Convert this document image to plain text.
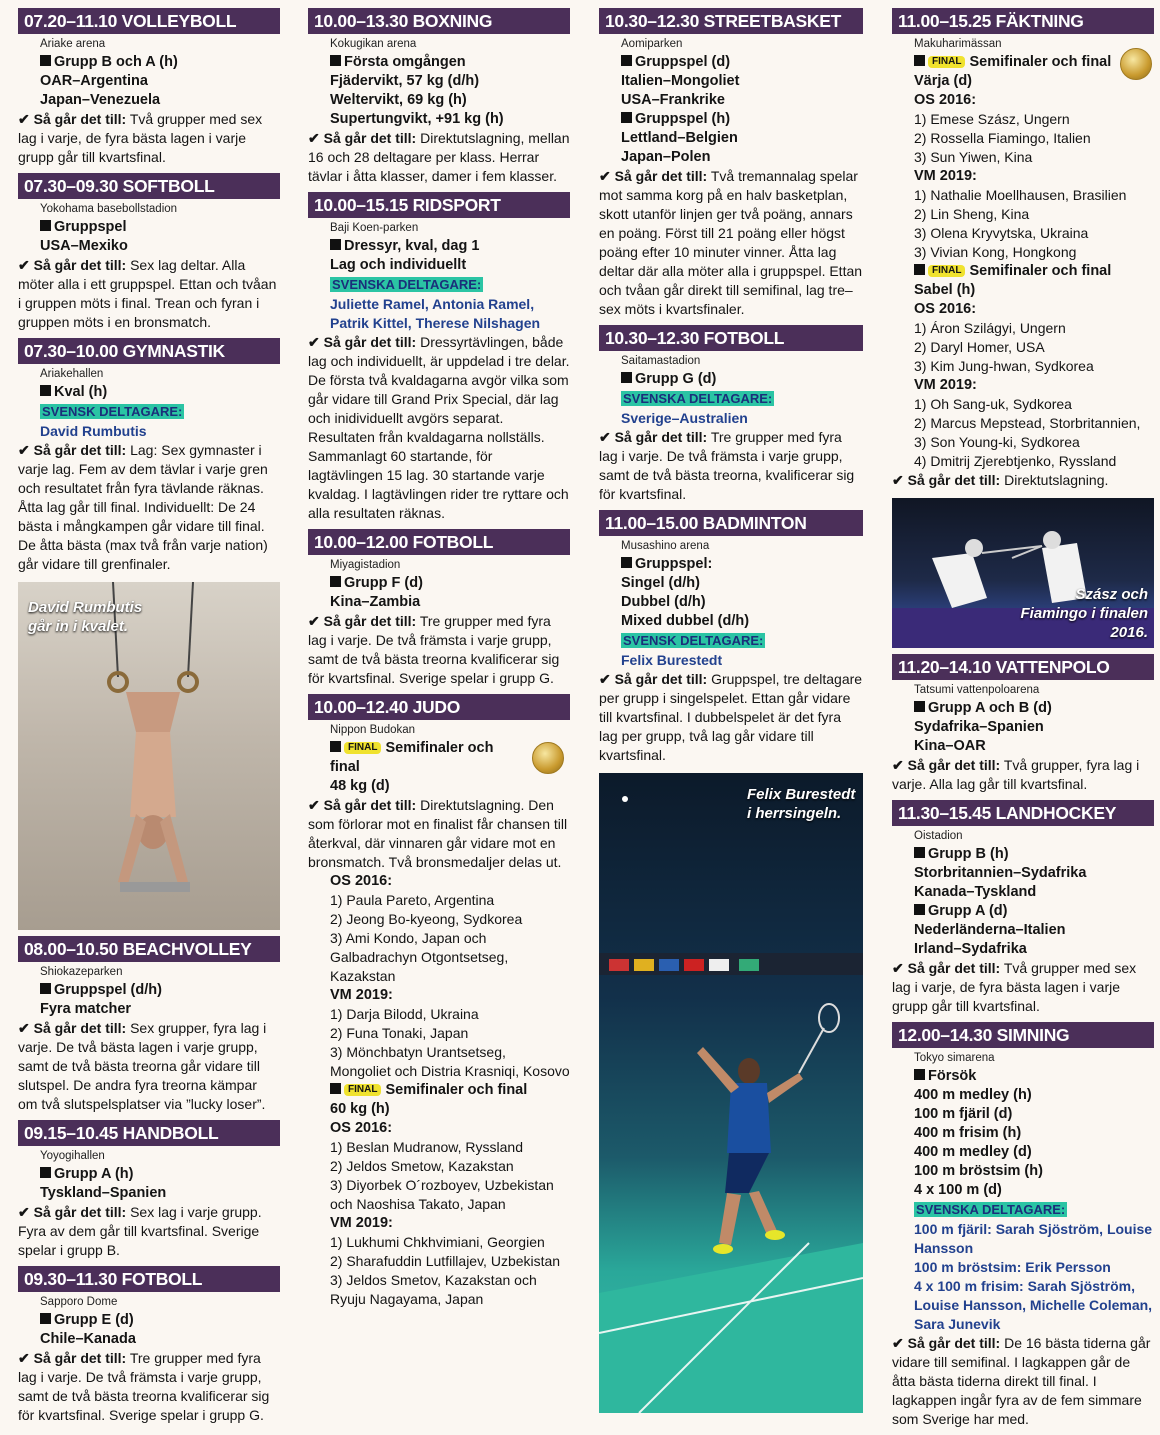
07.20–11.10 VOLLEYBOLL
Ariake arena
Grupp B och A (h)
OAR–Argentina
Japan–Venezuela
✔ Så går det till: Två grupper med sex lag i varje, de fyra bästa lagen i varje grupp går till kvartsfinal.
07.30–09.30 SOFTBOLL
Yokohama basebollstadion
Gruppspel
USA–Mexiko
✔ Så går det till: Sex lag deltar. Alla möter alla i ett gruppspel. Ettan och tvåan i gruppen möts i final. Trean och fyran i gruppen möts i en bronsmatch.
07.30–10.00 GYMNASTIK
Ariakehallen
Kval (h)
SVENSK DELTAGARE:
David Rumbutis
✔ Så går det till: Lag: Sex gymnaster i varje lag. Fem av dem tävlar i varje gren och resultatet från fyra tävlande räknas. Åtta lag går till final. Individuellt: De 24 bästa i mångkampen går vidare till final. De åtta bästa (max två från varje nation) går vidare till grenfinaler.
David Rumbutis går in i kvalet.
08.00–10.50 BEACHVOLLEY
Shiokazeparken
Gruppspel (d/h)
Fyra matcher
✔ Så går det till: Sex grupper, fyra lag i varje. De två bästa lagen i varje grupp, samt de två bästa treorna går vidare till slutspel. De andra fyra treorna kämpar om två slutspelsplatser via ”lucky loser”.
09.15–10.45 HANDBOLL
Yoyogihallen
Grupp A (h)
Tyskland–Spanien
✔ Så går det till: Sex lag i varje grupp. Fyra av dem går till kvartsfinal. Sverige spelar i grupp B.
09.30–11.30 FOTBOLL
Sapporo Dome
Grupp E (d)
Chile–Kanada
✔ Så går det till: Tre grupper med fyra lag i varje. De två främsta i varje grupp, samt de två bästa treorna kvalificerar sig för kvartsfinal. Sverige spelar i grupp G.
10.00–13.30 BOXNING
Kokugikan arena
Första omgången
Fjädervikt, 57 kg (d/h)
Weltervikt, 69 kg (h)
Supertungvikt, +91 kg (h)
✔ Så går det till: Direktutslagning, mellan 16 och 28 deltagare per klass. Herrar tävlar i åtta klasser, damer i fem klasser.
10.00–15.15 RIDSPORT
Baji Koen-parken
Dressyr, kval, dag 1
Lag och individuellt
SVENSKA DELTAGARE:
Juliette Ramel, Antonia Ramel, Patrik Kittel, Therese Nilshagen
✔ Så går det till: Dressyrtävlingen, både lag och individuellt, är uppdelad i tre delar. De första två kvaldagarna avgör vilka som går vidare till Grand Prix Special, där lag och inidividuellt avgörs separat. Resultaten från kvaldagarna nollställs. Sammanlagt 60 startande, för lagtävlingen 15 lag. 30 startande varje kvaldag. I lagtävlingen rider tre ryttare och alla resultaten räknas.
10.00–12.00 FOTBOLL
Miyagistadion
Grupp F (d)
Kina–Zambia
✔ Så går det till: Tre grupper med fyra lag i varje. De två främsta i varje grupp, samt de två bästa treorna kvalificerar sig för kvartsfinal. Sverige spelar i grupp G.
10.00–12.40 JUDO
Nippon Budokan
FINAL Semifinaler och final
48 kg (d)
✔ Så går det till: Direktutslagning. Den som förlorar mot en finalist får chansen till återkval, där vinnaren går vidare mot en bronsmatch. Två bronsmedaljer delas ut.
OS 2016:
1) Paula Pareto, Argentina
2) Jeong Bo-kyeong, Sydkorea
3) Ami Kondo, Japan och Galbadrachyn Otgontsetseg, Kazakstan
VM 2019:
1) Darja Bilodd, Ukraina
2) Funa Tonaki, Japan
3) Mönchbatyn Urantsetseg, Mongoliet och Distria Krasniqi, Kosovo
FINAL Semifinaler och final
60 kg (h)
OS 2016:
1) Beslan Mudranow, Ryssland
2) Jeldos Smetow, Kazakstan
3) Diyorbek O´rozboyev, Uzbekistan och Naoshisa Takato, Japan
VM 2019:
1) Lukhumi Chkhvimiani, Georgien
2) Sharafuddin Lutfillajev, Uzbekistan
3) Jeldos Smetov, Kazakstan och Ryuju Nagayama, Japan
10.30–12.30 STREETBASKET
Aomiparken
Gruppspel (d)
Italien–Mongoliet
USA–Frankrike
Gruppspel (h)
Lettland–Belgien
Japan–Polen
✔ Så går det till: Två tremannalag spelar mot samma korg på en halv basketplan, skott utanför linjen ger två poäng, annars en poäng. Först till 21 poäng eller högst poäng efter 10 minuter vinner. Åtta lag deltar där alla möter alla i gruppspel. Ettan och tvåan går direkt till semifinal, lag tre–sex möts i kvartsfinaler.
10.30–12.30 FOTBOLL
Saitamastadion
Grupp G (d)
SVENSKA DELTAGARE:
Sverige–Australien
✔ Så går det till: Tre grupper med fyra lag i varje. De två främsta i varje grupp, samt de två bästa treorna, kvalificerar sig för kvartsfinal.
11.00–15.00 BADMINTON
Musashino arena
Gruppspel:
Singel (d/h)
Dubbel (d/h)
Mixed dubbel (d/h)
SVENSK DELTAGARE:
Felix Burestedt
✔ Så går det till: Gruppspel, tre deltagare per grupp i singelspelet. Ettan går vidare till kvartsfinal. I dubbelspelet är det fyra lag per grupp, två lag går vidare till kvartsfinal.
Felix Burestedt i herrsingeln.
11.00–15.25 FÄKTNING
Makuharimässan
FINAL Semifinaler och final
Värja (d)
OS 2016:
1) Emese Szász, Ungern
2) Rossella Fiamingo, Italien
3) Sun Yiwen, Kina
VM 2019:
1) Nathalie Moellhausen, Brasilien
2) Lin Sheng, Kina
3) Olena Kryvytska, Ukraina
3) Vivian Kong, Hongkong
FINAL Semifinaler och final
Sabel (h)
OS 2016:
1) Áron Szilágyi, Ungern
2) Daryl Homer, USA
3) Kim Jung-hwan, Sydkorea
VM 2019:
1) Oh Sang-uk, Sydkorea
2) Marcus Mepstead, Storbritannien,
3) Son Young-ki, Sydkorea
4) Dmitrij Zjerebtjenko, Ryssland
✔ Så går det till: Direktutslagning.
Szász och Fiamingo i finalen 2016.
11.20–14.10 VATTENPOLO
Tatsumi vattenpoloarena
Grupp A och B (d)
Sydafrika–Spanien
Kina–OAR
✔ Så går det till: Två grupper, fyra lag i varje. Alla lag går till kvartsfinal.
11.30–15.45 LANDHOCKEY
Oistadion
Grupp B (h)
Storbritannien–Sydafrika
Kanada–Tyskland
Grupp A (d)
Nederländerna–Italien
Irland–Sydafrika
✔ Så går det till: Två grupper med sex lag i varje, de fyra bästa lagen i varje grupp går till kvartsfinal.
12.00–14.30 SIMNING
Tokyo simarena
Försök
400 m medley (h)
100 m fjäril (d)
400 m frisim (h)
400 m medley (d)
100 m bröstsim (h)
4 x 100 m (d)
SVENSKA DELTAGARE:
100 m fjäril: Sarah Sjöström, Louise Hansson
100 m bröstsim: Erik Persson
4 x 100 m frisim: Sarah Sjöström, Louise Hansson, Michelle Coleman, Sara Junevik
✔ Så går det till: De 16 bästa tiderna går vidare till semifinal. I lagkappen går de åtta bästa tiderna direkt till final. I lagkappen ingår fyra av de fem simmare som Sverige har med.
